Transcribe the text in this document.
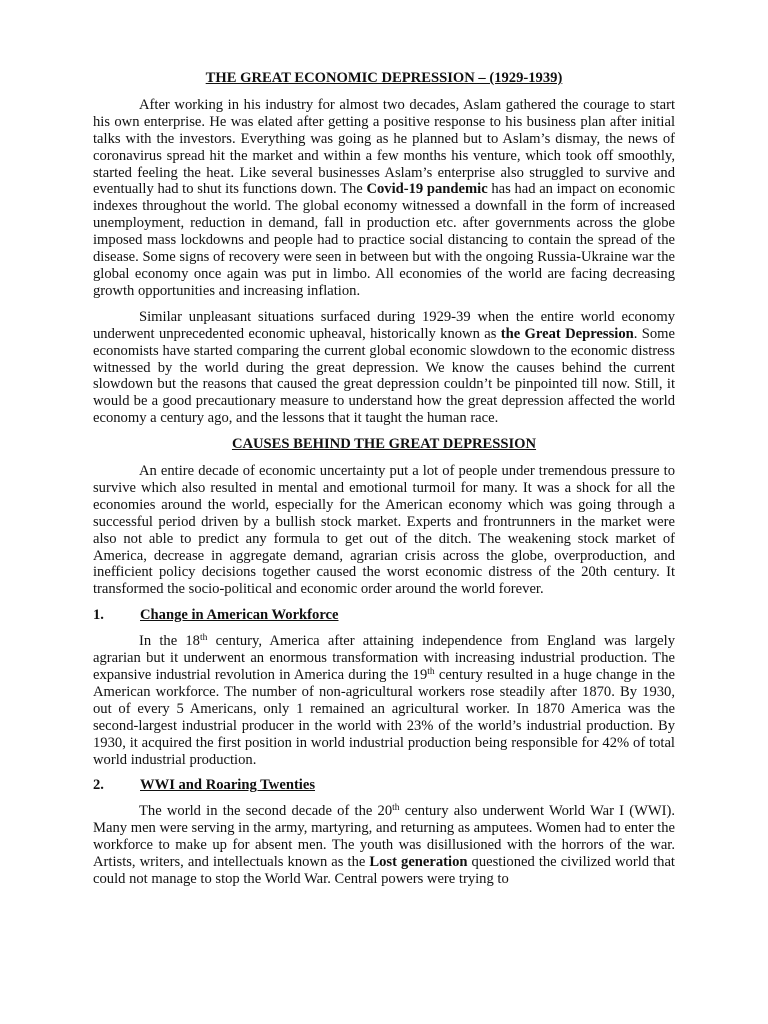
THE GREAT ECONOMIC DEPRESSION – (1929-1939)

After working in his industry for almost two decades, Aslam gathered the courage to start his own enterprise. He was elated after getting a positive response to his business plan after initial talks with the investors. Everything was going as he planned but to Aslam’s dismay, the news of coronavirus spread hit the market and within a few months his venture, which took off smoothly, started feeling the heat. Like several businesses Aslam’s enterprise also struggled to survive and eventually had to shut its functions down. The Covid-19 pandemic has had an impact on economic indexes throughout the world. The global economy witnessed a downfall in the form of increased unemployment, reduction in demand, fall in production etc. after governments across the globe imposed mass lockdowns and people had to practice social distancing to contain the spread of the disease. Some signs of recovery were seen in between but with the ongoing Russia-Ukraine war the global economy once again was put in limbo. All economies of the world are facing decreasing growth opportunities and increasing inflation.

Similar unpleasant situations surfaced during 1929-39 when the entire world economy underwent unprecedented economic upheaval, historically known as the Great Depression. Some economists have started comparing the current global economic slowdown to the economic distress witnessed by the world during the great depression. We know the causes behind the current slowdown but the reasons that caused the great depression couldn’t be pinpointed till now. Still, it would be a good precautionary measure to understand how the great depression affected the world economy a century ago, and the lessons that it taught the human race.

CAUSES BEHIND THE GREAT DEPRESSION

An entire decade of economic uncertainty put a lot of people under tremendous pressure to survive which also resulted in mental and emotional turmoil for many. It was a shock for all the economies around the world, especially for the American economy which was going through a successful period driven by a bullish stock market. Experts and frontrunners in the market were also not able to predict any formula to get out of the ditch. The weakening stock market of America, decrease in aggregate demand, agrarian crisis across the globe, overproduction, and inefficient policy decisions together caused the worst economic distress of the 20th century. It transformed the socio-political and economic order around the world forever.

1.	Change in American Workforce

In the 18th century, America after attaining independence from England was largely agrarian but it underwent an enormous transformation with increasing industrial production. The expansive industrial revolution in America during the 19th century resulted in a huge change in the American workforce. The number of non-agricultural workers rose steadily after 1870. By 1930, out of every 5 Americans, only 1 remained an agricultural worker. In 1870 America was the second-largest industrial producer in the world with 23% of the world’s industrial production. By 1930, it acquired the first position in world industrial production being responsible for 42% of total world industrial production.

2.	WWI and Roaring Twenties

The world in the second decade of the 20th century also underwent World War I (WWI). Many men were serving in the army, martyring, and returning as amputees. Women had to enter the workforce to make up for absent men. The youth was disillusioned with the horrors of the war. Artists, writers, and intellectuals known as the Lost generation questioned the civilized world that could not manage to stop the World War. Central powers were trying to
